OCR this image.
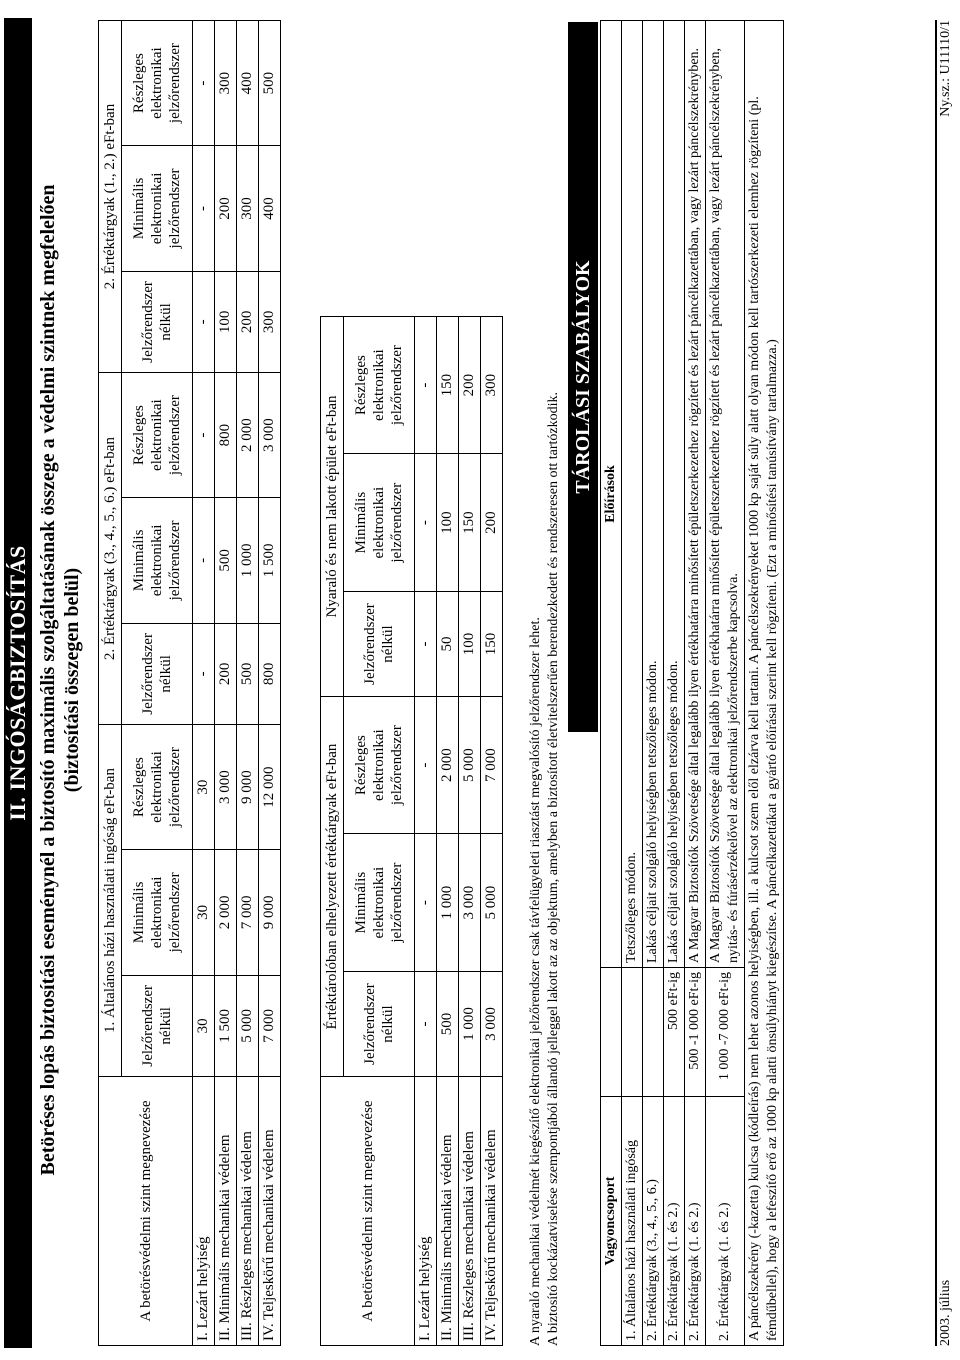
II. INGÓSÁGBIZTOSÍTÁS Betöréses lopás biztosítási eseménynél a biztosító maximális szolgáltatásának összege a védelmi szintnek megfelelően (biztosítási összegen belül)
A betörésvédelmi szint megnevezése	1. Általános házi használati ingóság eFt-ban			2. Értéktárgyak (3., 4., 5., 6.) eFt-ban			2. Értéktárgyak (1., 2.) eFt-ban		
	Jelzőrendszer nélkül	Minimális elektronikai jelzőrendszer	Részleges elektronikai jelzőrendszer	Jelzőrendszer nélkül	Minimális elektronikai jelzőrendszer	Részleges elektronikai jelzőrendszer	Jelzőrendszer nélkül	Minimális elektronikai jelzőrendszer	Részleges elektronikai jelzőrendszer
I. Lezárt helyiség	30	30	30	-	-	-	-	-	-
II. Minimális mechanikai védelem	1 500	2 000	3 000	200	500	800	100	200	300
III. Részleges mechanikai védelem	5 000	7 000	9 000	500	1 000	2 000	200	300	400
IV. Teljeskörű mechanikai védelem	7 000	9 000	12 000	800	1 500	3 000	300	400	500
A betörésvédelmi szint megnevezése	Értéktárolóban elhelyezett értéktárgyak eFt-ban			Nyaraló és nem lakott épület eFt-ban		
	Jelzőrendszer nélkül	Minimális elektronikai jelzőrendszer	Részleges elektronikai jelzőrendszer	Jelzőrendszer nélkül	Minimális elektronikai jelzőrendszer	Részleges elektronikai jelzőrendszer
I. Lezárt helyiség	-	-	-	-	-	-
II. Minimális mechanikai védelem	500	1 000	2 000	50	100	150
III. Részleges mechanikai védelem	1 000	3 000	5 000	100	150	200
IV. Teljeskörű mechanikai védelem	3 000	5 000	7 000	150	200	300
A nyaraló mechanikai védelmét kiegészítő elektronikai jelzőrendszer csak távfelügyeleti riasztást megvalósító jelzőrendszer lehet. A biztosító kockázatviselése szempontjából állandó jelleggel lakott az az objektum, amelyben a biztosított életvitelszerűen berendezkedett és rendszeresen ott tartózkodik.
TÁROLÁSI SZABÁLYOK
Vagyoncsoport		Előírások
1. Általános házi használati ingóság		Tetszőleges módon.
2. Értéktárgyak (3., 4., 5., 6.)		Lakás céljait szolgáló helyiségben tetszőleges módon.
2. Értéktárgyak (1. és 2.)	500 eFt-ig	Lakás céljait szolgáló helyiségben tetszőleges módon.
2. Értéktárgyak (1. és 2.)	500 -1 000 eFt-ig	A Magyar Biztosítók Szövetsége által legalább ilyen értékhatárra minősített épületszerkezethez rögzített és lezárt páncélkazettában, vagy lezárt páncélszekrényben.
2. Értéktárgyak (1. és 2.)	1 000 -7 000 eFt-ig	A Magyar Biztosítók Szövetsége által legalább ilyen értékhatárra minősített épületszerkezethez rögzített és lezárt páncélkazettában, vagy lezárt páncélszekrényben, nyitás- és fúrásérzékelővel az elektronikai jelzőrendszerbe kapcsolva.
A páncélszekrény (-kazetta) kulcsa (kódleírás) nem lehet azonos helyiségben, ill. a kulcsot szem elől elzárva kell tartani. A páncélszekrényeket 1000 kp saját súly alatt olyan módon kell tartószerkezeti elemhez rögzíteni (pl. fémdűbellel), hogy a lefeszítő erő az 1000 kp alatti önsúlyhiányt kiegészítse. A páncélkazettákat a gyártó előírásai szerint kell rögzíteni. (Ezt a minősítési tanúsítvány tartalmazza.)			2003. július
Ny.sz.: U11110/1
